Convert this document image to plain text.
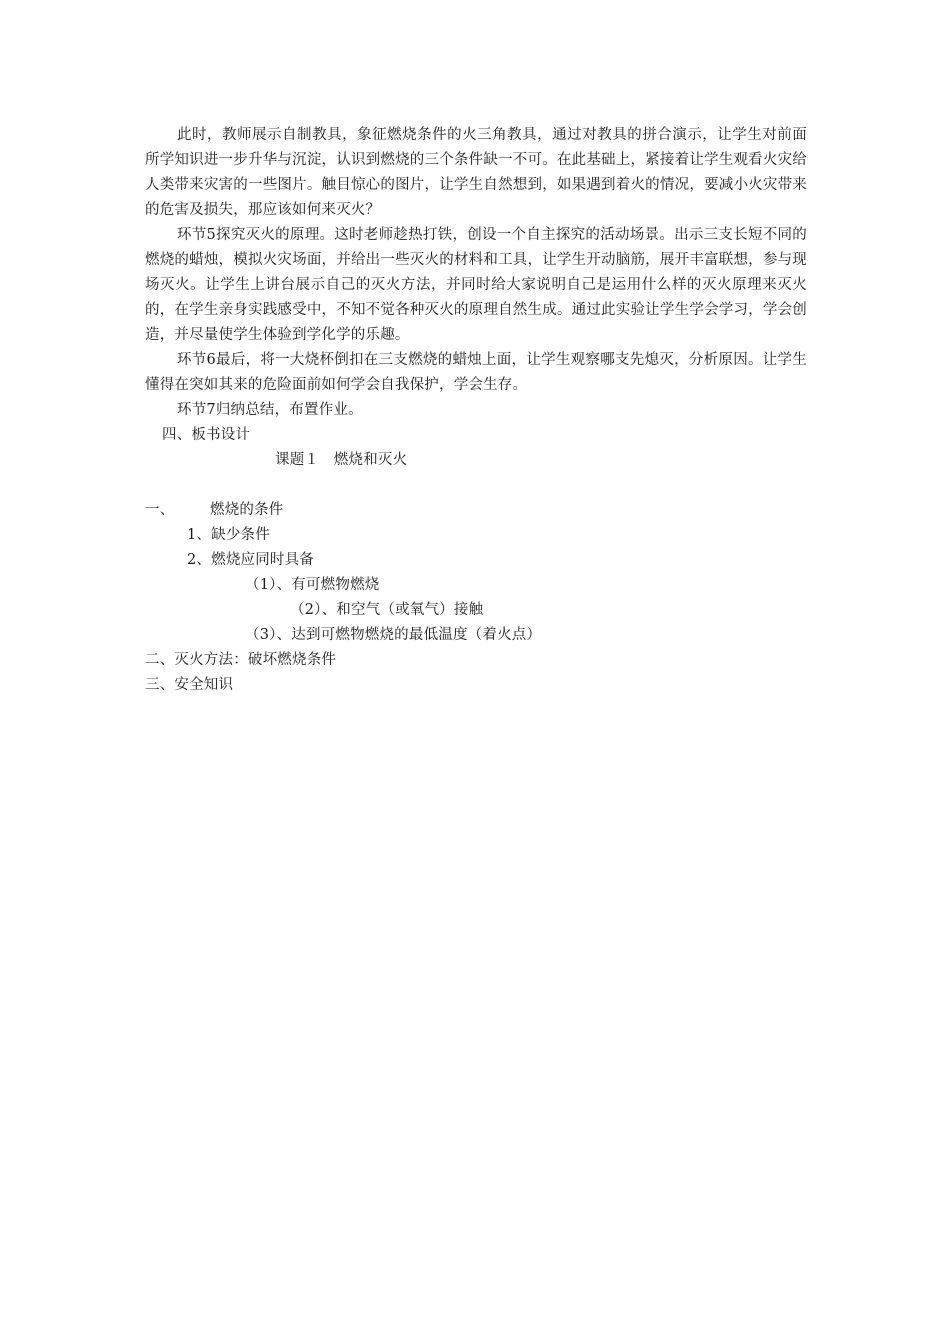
此时，教师展示自制教具，象征燃烧条件的火三角教具，通过对教具的拼合演示，让学生对前面所学知识进一步升华与沉淀，认识到燃烧的三个条件缺一不可。在此基础上，紧接着让学生观看火灾给人类带来灾害的一些图片。触目惊心的图片，让学生自然想到，如果遇到着火的情况，要减小火灾带来的危害及损失，那应该如何来灭火？

环节5探究灭火的原理。这时老师趁热打铁，创设一个自主探究的活动场景。出示三支长短不同的燃烧的蜡烛，模拟火灾场面，并给出一些灭火的材料和工具，让学生开动脑筋，展开丰富联想，参与现场灭火。让学生上讲台展示自己的灭火方法，并同时给大家说明自己是运用什么样的灭火原理来灭火的，在学生亲身实践感受中，不知不觉各种灭火的原理自然生成。通过此实验让学生学会学习，学会创造，并尽量使学生体验到学化学的乐趣。

环节6最后，将一大烧杯倒扣在三支燃烧的蜡烛上面，让学生观察哪支先熄灭，分析原因。让学生懂得在突如其来的危险面前如何学会自我保护，学会生存。

环节7归纳总结，布置作业。

四、板书设计
课题１　燃烧和灭火
一、 燃烧的条件
1、缺少条件
2、燃烧应同时具备
（1）、有可燃物燃烧
（2）、和空气（或氧气）接触
（3）、达到可燃物燃烧的最低温度（着火点）
二、灭火方法：破坏燃烧条件
三、安全知识
